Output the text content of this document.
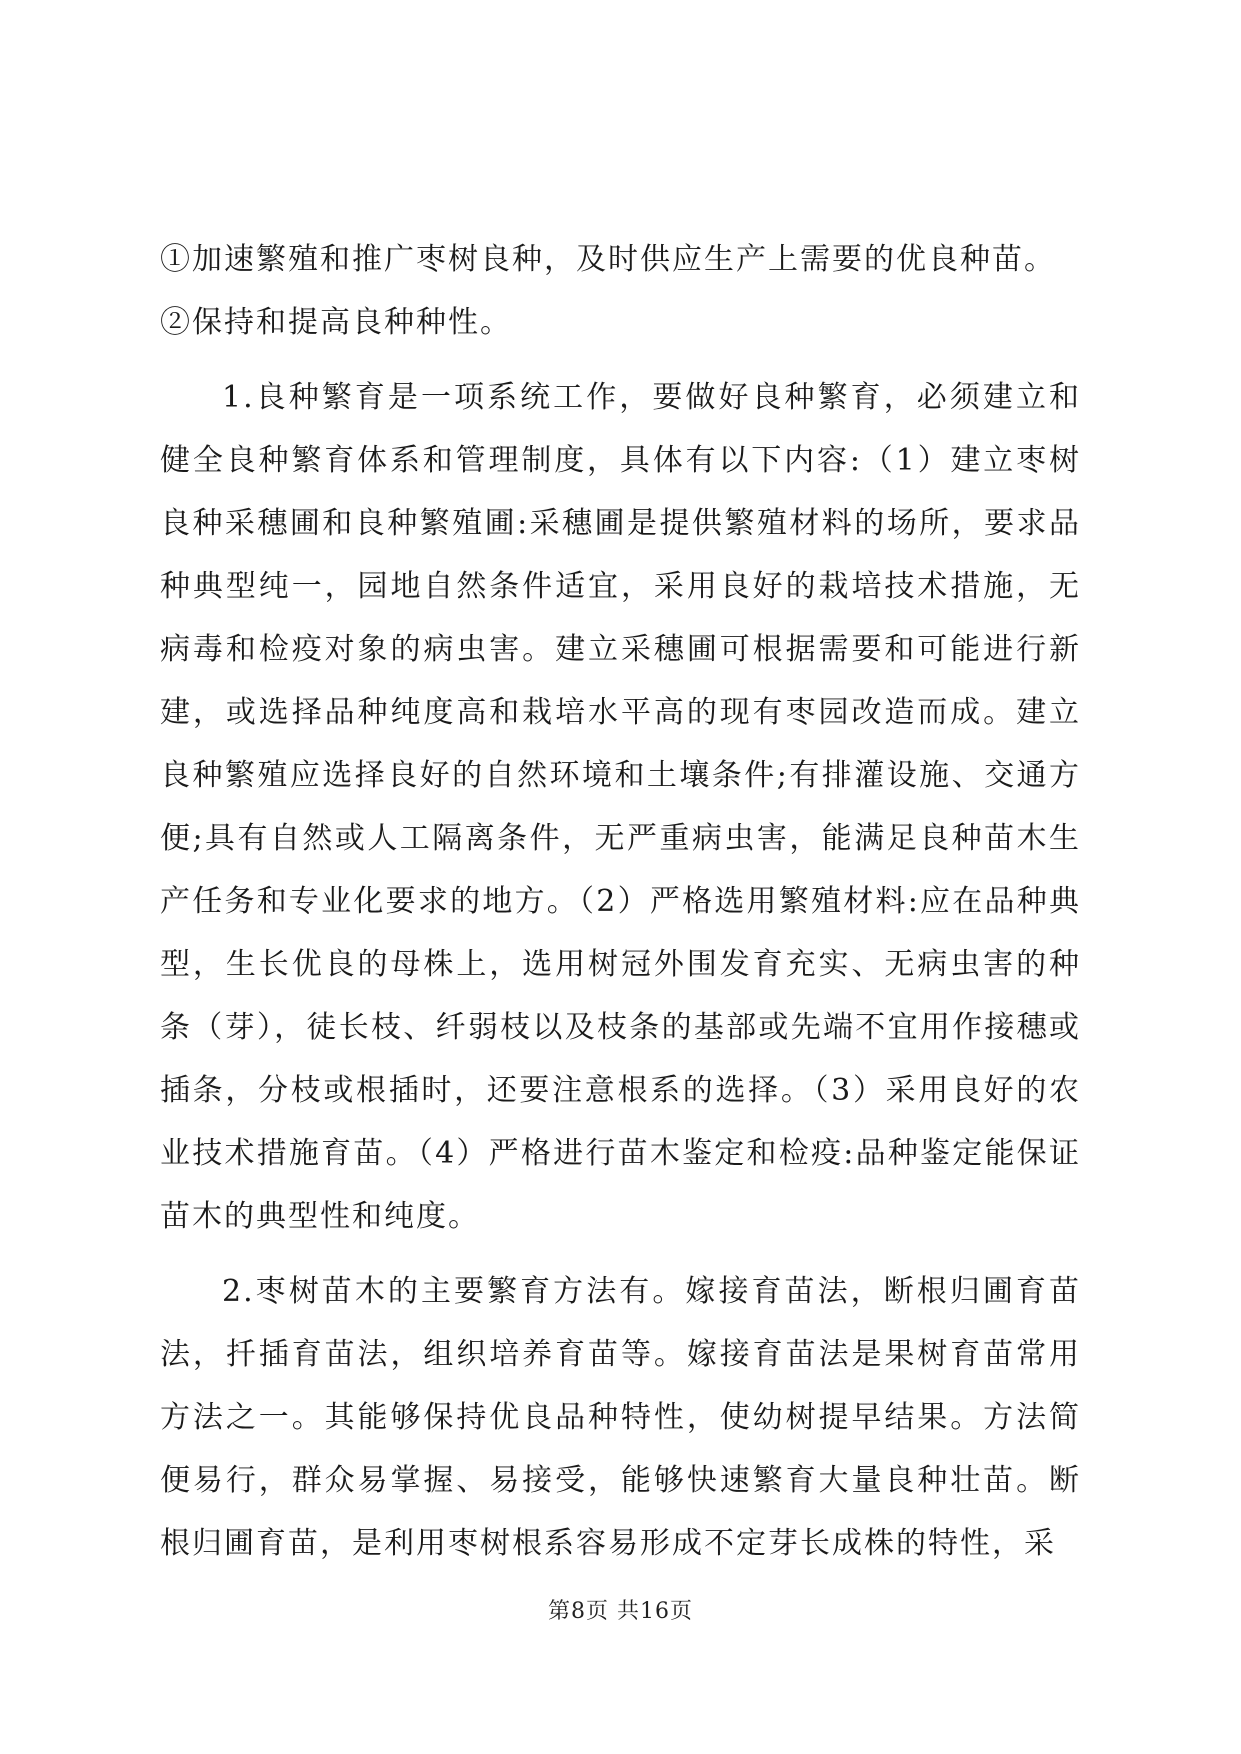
①加速繁殖和推广枣树良种，及时供应生产上需要的优良种苗。

②保持和提高良种种性。

1.良种繁育是一项系统工作，要做好良种繁育，必须建立和健全良种繁育体系和管理制度，具体有以下内容:（1）建立枣树良种采穗圃和良种繁殖圃:采穗圃是提供繁殖材料的场所，要求品种典型纯一，园地自然条件适宜，采用良好的栽培技术措施，无病毒和检疫对象的病虫害。建立采穗圃可根据需要和可能进行新建，或选择品种纯度高和栽培水平高的现有枣园改造而成。建立良种繁殖应选择良好的自然环境和土壤条件;有排灌设施、交通方便;具有自然或人工隔离条件，无严重病虫害，能满足良种苗木生产任务和专业化要求的地方。（2）严格选用繁殖材料:应在品种典型，生长优良的母株上，选用树冠外围发育充实、无病虫害的种条（芽），徒长枝、纤弱枝以及枝条的基部或先端不宜用作接穗或插条，分枝或根插时，还要注意根系的选择。（3）采用良好的农业技术措施育苗。（4）严格进行苗木鉴定和检疫:品种鉴定能保证苗木的典型性和纯度。

2.枣树苗木的主要繁育方法有。嫁接育苗法，断根归圃育苗法，扦插育苗法，组织培养育苗等。嫁接育苗法是果树育苗常用方法之一。其能够保持优良品种特性，使幼树提早结果。方法简便易行，群众易掌握、易接受，能够快速繁育大量良种壮苗。断根归圃育苗，是利用枣树根系容易形成不定芽长成株的特性，采

第8页 共16页
